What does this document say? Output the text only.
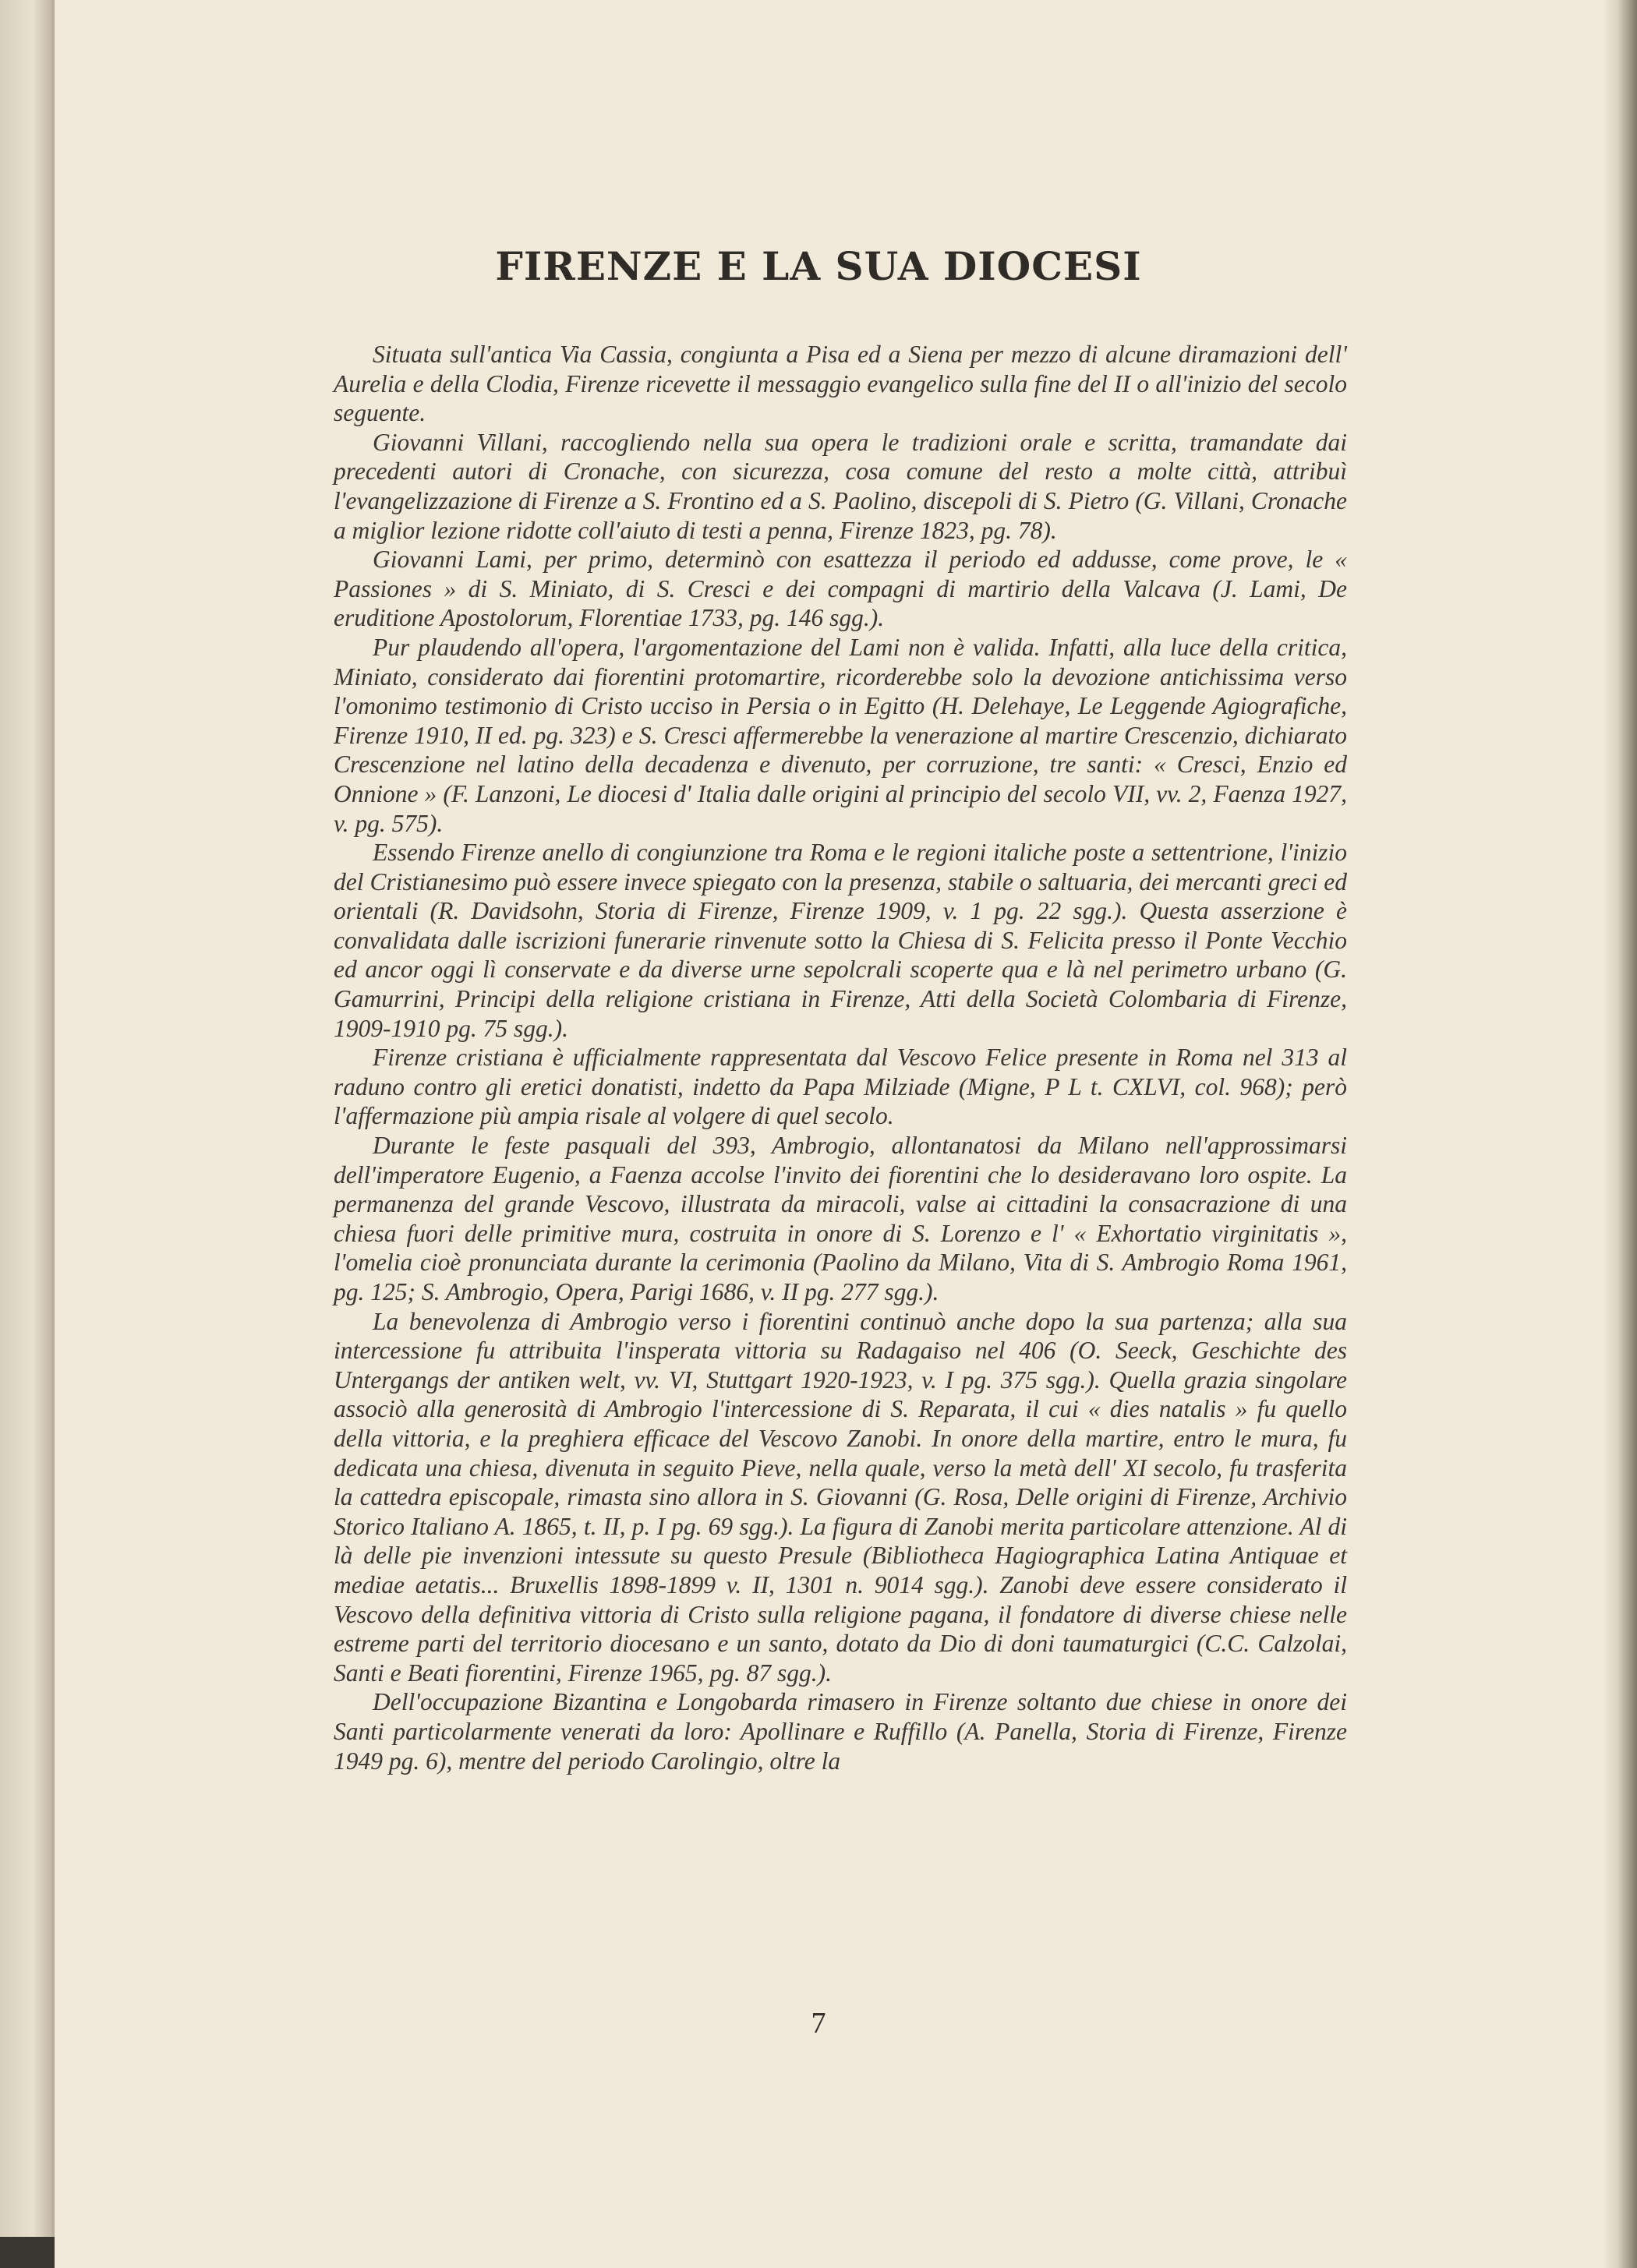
FIRENZE E LA SUA DIOCESI

Situata sull'antica Via Cassia, congiunta a Pisa ed a Siena per mezzo di alcune diramazioni dell' Aurelia e della Clodia, Firenze ricevette il messaggio evangelico sulla fine del II o all'inizio del secolo seguente.

Giovanni Villani, raccogliendo nella sua opera le tradizioni orale e scritta, tramandate dai precedenti autori di Cronache, con sicurezza, cosa comune del resto a molte città, attribuì l'evangelizzazione di Firenze a S. Frontino ed a S. Paolino, discepoli di S. Pietro (G. Villani, Cronache a miglior lezione ridotte coll'aiuto di testi a penna, Firenze 1823, pg. 78).

Giovanni Lami, per primo, determinò con esattezza il periodo ed addusse, come prove, le « Passiones » di S. Miniato, di S. Cresci e dei compagni di martirio della Valcava (J. Lami, De eruditione Apostolorum, Florentiae 1733, pg. 146 sgg.).

Pur plaudendo all'opera, l'argomentazione del Lami non è valida. Infatti, alla luce della critica, Miniato, considerato dai fiorentini protomartire, ricorderebbe solo la devozione antichissima verso l'omonimo testimonio di Cristo ucciso in Persia o in Egitto (H. Delehaye, Le Leggende Agiografiche, Firenze 1910, II ed. pg. 323) e S. Cresci affermerebbe la venerazione al martire Crescenzio, dichiarato Crescenzione nel latino della decadenza e divenuto, per corruzione, tre santi: « Cresci, Enzio ed Onnione » (F. Lanzoni, Le diocesi d' Italia dalle origini al principio del secolo VII, vv. 2, Faenza 1927, v. pg. 575).

Essendo Firenze anello di congiunzione tra Roma e le regioni italiche poste a settentrione, l'inizio del Cristianesimo può essere invece spiegato con la presenza, stabile o saltuaria, dei mercanti greci ed orientali (R. Davidsohn, Storia di Firenze, Firenze 1909, v. 1 pg. 22 sgg.). Questa asserzione è convalidata dalle iscrizioni funerarie rinvenute sotto la Chiesa di S. Felicita presso il Ponte Vecchio ed ancor oggi lì conservate e da diverse urne sepolcrali scoperte qua e là nel perimetro urbano (G. Gamurrini, Principi della religione cristiana in Firenze, Atti della Società Colombaria di Firenze, 1909-1910 pg. 75 sgg.).

Firenze cristiana è ufficialmente rappresentata dal Vescovo Felice presente in Roma nel 313 al raduno contro gli eretici donatisti, indetto da Papa Milziade (Migne, P L t. CXLVI, col. 968); però l'affermazione più ampia risale al volgere di quel secolo.

Durante le feste pasquali del 393, Ambrogio, allontanatosi da Milano nell'approssimarsi dell'imperatore Eugenio, a Faenza accolse l'invito dei fiorentini che lo desideravano loro ospite. La permanenza del grande Vescovo, illustrata da miracoli, valse ai cittadini la consacrazione di una chiesa fuori delle primitive mura, costruita in onore di S. Lorenzo e l' « Exhortatio virginitatis », l'omelia cioè pronunciata durante la cerimonia (Paolino da Milano, Vita di S. Ambrogio Roma 1961, pg. 125; S. Ambrogio, Opera, Parigi 1686, v. II pg. 277 sgg.).

La benevolenza di Ambrogio verso i fiorentini continuò anche dopo la sua partenza; alla sua intercessione fu attribuita l'insperata vittoria su Radagaiso nel 406 (O. Seeck, Geschichte des Untergangs der antiken welt, vv. VI, Stuttgart 1920-1923, v. I pg. 375 sgg.). Quella grazia singolare associò alla generosità di Ambrogio l'intercessione di S. Reparata, il cui « dies natalis » fu quello della vittoria, e la preghiera efficace del Vescovo Zanobi. In onore della martire, entro le mura, fu dedicata una chiesa, divenuta in seguito Pieve, nella quale, verso la metà dell' XI secolo, fu trasferita la cattedra episcopale, rimasta sino allora in S. Giovanni (G. Rosa, Delle origini di Firenze, Archivio Storico Italiano A. 1865, t. II, p. I pg. 69 sgg.). La figura di Zanobi merita particolare attenzione. Al di là delle pie invenzioni intessute su questo Presule (Bibliotheca Hagiographica Latina Antiquae et mediae aetatis... Bruxellis 1898-1899 v. II, 1301 n. 9014 sgg.). Zanobi deve essere considerato il Vescovo della definitiva vittoria di Cristo sulla religione pagana, il fondatore di diverse chiese nelle estreme parti del territorio diocesano e un santo, dotato da Dio di doni taumaturgici (C.C. Calzolai, Santi e Beati fiorentini, Firenze 1965, pg. 87 sgg.).

Dell'occupazione Bizantina e Longobarda rimasero in Firenze soltanto due chiese in onore dei Santi particolarmente venerati da loro: Apollinare e Ruffillo (A. Panella, Storia di Firenze, Firenze 1949 pg. 6), mentre del periodo Carolingio, oltre la

7
